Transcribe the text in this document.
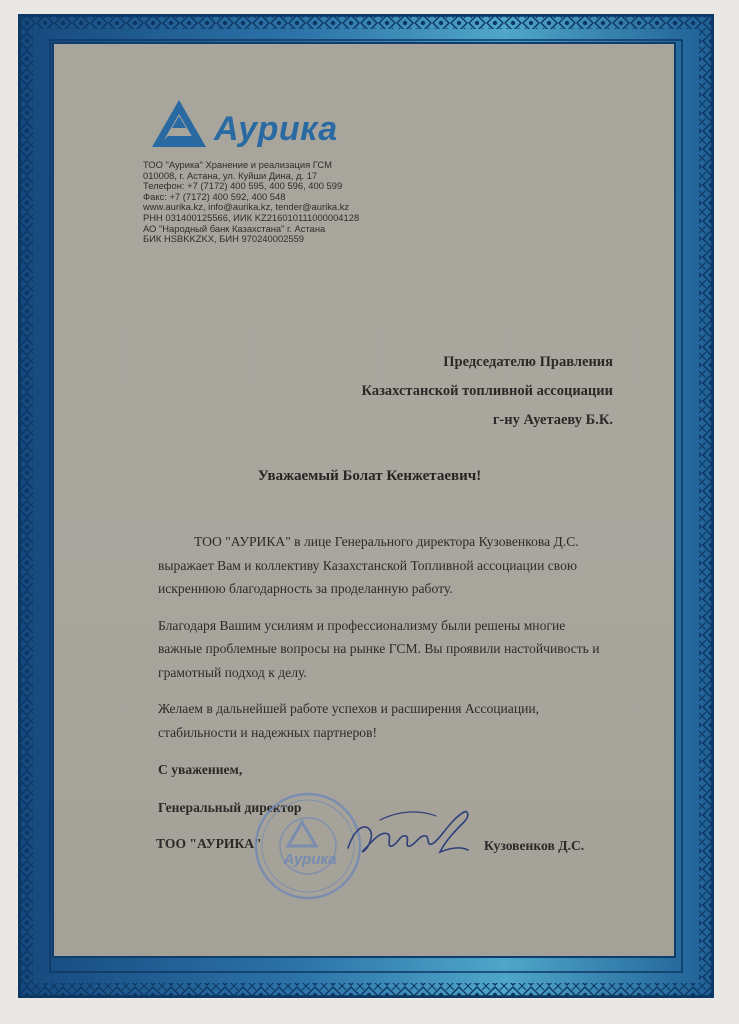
Аурика
ТОО "Аурика" Хранение и реализация ГСМ
010008, г. Астана, ул. Куйши Дина, д. 17
Телефон: +7 (7172) 400 595, 400 596, 400 599
Факс: +7 (7172) 400 592, 400 548
www.aurika.kz, info@aurika.kz, tender@aurika.kz
РНН 031400125566, ИИК KZ216010111000004128
АО "Народный банк Казахстана" г. Астана
БИК HSBKKZKX, БИН 970240002559
Председателю Правления
Казахстанской топливной ассоциации
г-ну Ауетаеву Б.К.
Уважаемый Болат Кенжетаевич!

ТОО "АУРИКА" в лице Генерального директора Кузовенкова Д.С. выражает Вам и коллективу Казахстанской Топливной ассоциации свою искреннюю благодарность за проделанную работу.

Благодаря Вашим усилиям и профессионализму были решены многие важные проблемные вопросы на рынке ГСМ. Вы проявили настойчивость и грамотный подход к делу.

Желаем в дальнейшей работе успехов и расширения Ассоциации, стабильности и надежных партнеров!

С уважением,
Генеральный директор
ТОО "АУРИКА"	Кузовенков Д.С.
Аурика
